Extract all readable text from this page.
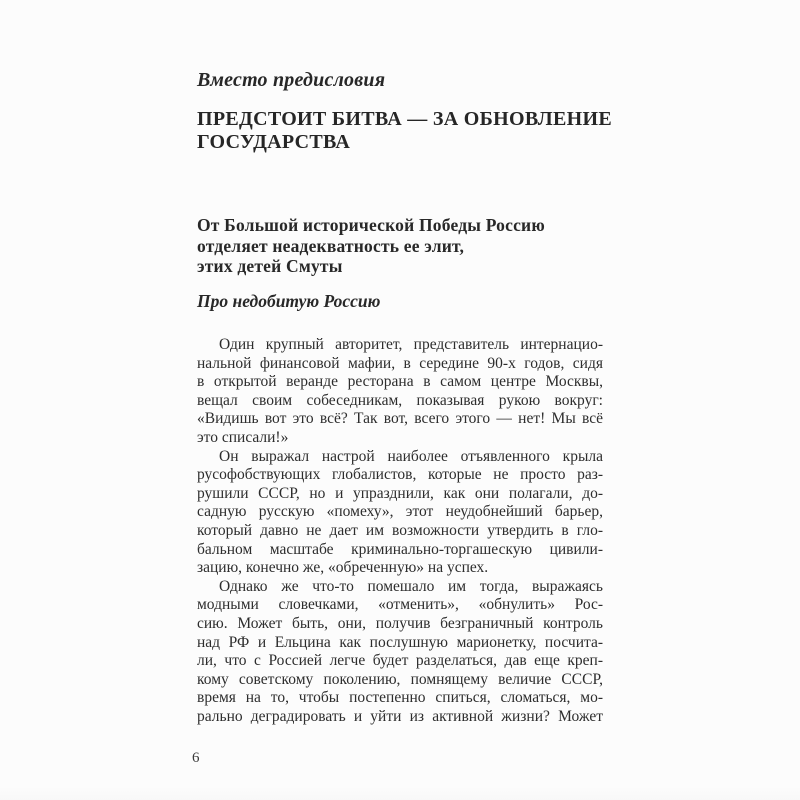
Вместо предисловия
ПРЕДСТОИТ БИТВА — ЗА ОБНОВЛЕНИЕ
ГОСУДАРСТВА
От Большой исторической Победы Россию
отделяет неадекватность ее элит,
этих детей Смуты
Про недобитую Россию
Один крупный авторитет, представитель интернацио-
нальной финансовой мафии, в середине 90-х годов, сидя
в открытой веранде ресторана в самом центре Москвы,
вещал своим собеседникам, показывая рукою вокруг:
«Видишь вот это всё? Так вот, всего этого — нет! Мы всё
это списали!»
Он выражал настрой наиболее отъявленного крыла
русофобствующих глобалистов, которые не просто раз-
рушили СССР, но и упразднили, как они полагали, до-
садную русскую «помеху», этот неудобнейший барьер,
который давно не дает им возможности утвердить в гло-
бальном масштабе криминально-торгашескую цивили-
зацию, конечно же, «обреченную» на успех.
Однако же что-то помешало им тогда, выражаясь
модными словечками, «отменить», «обнулить» Рос-
сию. Может быть, они, получив безграничный контроль
над РФ и Ельцина как послушную марионетку, посчита-
ли, что с Россией легче будет разделаться, дав еще креп-
кому советскому поколению, помнящему величие СССР,
время на то, чтобы постепенно спиться, сломаться, мо-
рально деградировать и уйти из активной жизни? Может
6
